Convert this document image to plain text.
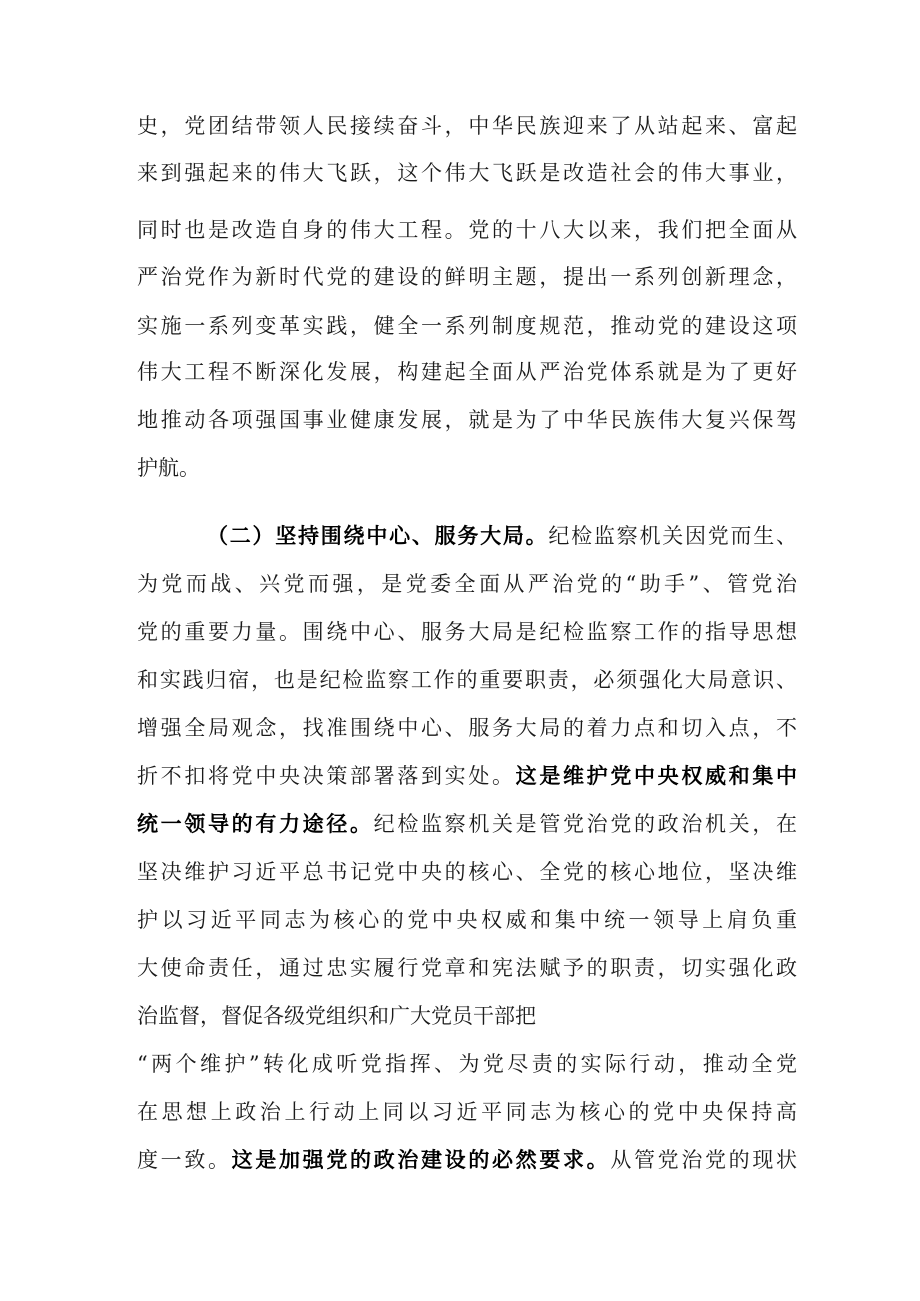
史，党团结带领人民接续奋斗，中华民族迎来了从站起来、富起
来到强起来的伟大飞跃，这个伟大飞跃是改造社会的伟大事业，
同时也是改造自身的伟大工程。党的十八大以来，我们把全面从
严治党作为新时代党的建设的鲜明主题，提出一系列创新理念，
实施一系列变革实践，健全一系列制度规范，推动党的建设这项
伟大工程不断深化发展，构建起全面从严治党体系就是为了更好
地推动各项强国事业健康发展，就是为了中华民族伟大复兴保驾
护航。
（二）坚持围绕中心、服务大局。纪检监察机关因党而生、
为党而战、兴党而强，是党委全面从严治党的“助手”、管党治
党的重要力量。围绕中心、服务大局是纪检监察工作的指导思想
和实践归宿，也是纪检监察工作的重要职责，必须强化大局意识、
增强全局观念，找准围绕中心、服务大局的着力点和切入点，不
折不扣将党中央决策部署落到实处。这是维护党中央权威和集中
统一领导的有力途径。纪检监察机关是管党治党的政治机关，在
坚决维护习近平总书记党中央的核心、全党的核心地位，坚决维
护以习近平同志为核心的党中央权威和集中统一领导上肩负重
大使命责任，通过忠实履行党章和宪法赋予的职责，切实强化政
治监督，督促各级党组织和广大党员干部把
“两个维护”转化成听党指挥、为党尽责的实际行动，推动全党
在思想上政治上行动上同以习近平同志为核心的党中央保持高
度一致。这是加强党的政治建设的必然要求。从管党治党的现状
